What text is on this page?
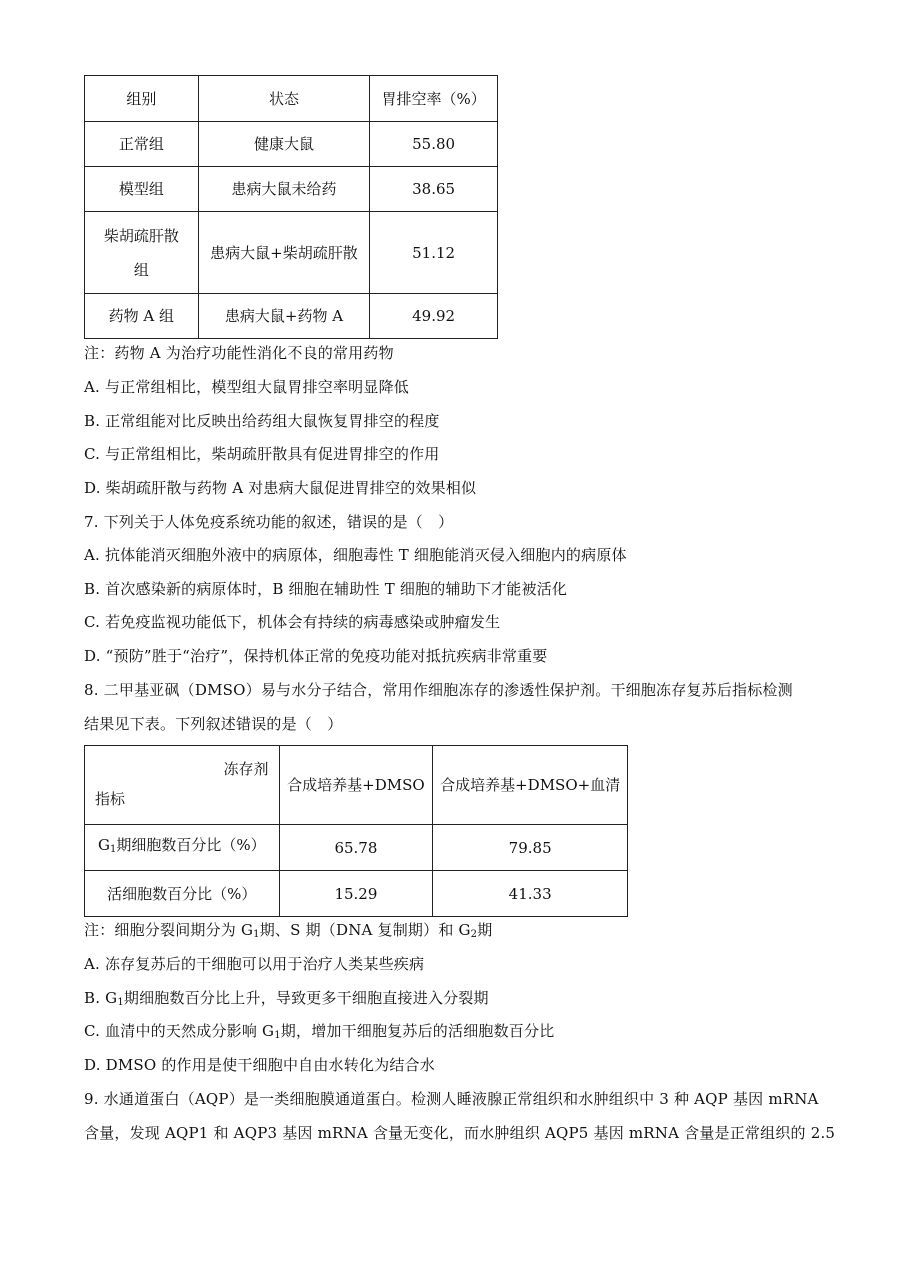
组别	状态	胃排空率（%）
正常组	健康大鼠	55.80
模型组	患病大鼠未给药	38.65

柴胡疏肝散
组	患病大鼠+柴胡疏肝散	51.12
药物 A 组	患病大鼠+药物 A	49.92
注：药物 A 为治疗功能性消化不良的常用药物
A. 与正常组相比，模型组大鼠胃排空率明显降低
B. 正常组能对比反映出给药组大鼠恢复胃排空的程度
C. 与正常组相比，柴胡疏肝散具有促进胃排空的作用
D. 柴胡疏肝散与药物 A 对患病大鼠促进胃排空的效果相似
7. 下列关于人体免疫系统功能的叙述，错误的是（　）
A. 抗体能消灭细胞外液中的病原体，细胞毒性 T 细胞能消灭侵入细胞内的病原体
B. 首次感染新的病原体时，B 细胞在辅助性 T 细胞的辅助下才能被活化
C. 若免疫监视功能低下，机体会有持续的病毒感染或肿瘤发生
D. “预防”胜于“治疗”，保持机体正常的免疫功能对抵抗疾病非常重要
8. 二甲基亚砜（DMSO）易与水分子结合，常用作细胞冻存的渗透性保护剂。干细胞冻存复苏后指标检测
结果见下表。下列叙述错误的是（　）
冻存剂
指标	合成培养基+DMSO	合成培养基+DMSO+血清
$G_1$期细胞数百分比（%）	65.78	79.85
活细胞数百分比（%）	15.29	41.33
注：细胞分裂间期分为 $G_1$期、S 期（DNA 复制期）和 $G_2$期
A. 冻存复苏后的干细胞可以用于治疗人类某些疾病
B. $G_1$期细胞数百分比上升，导致更多干细胞直接进入分裂期
C. 血清中的天然成分影响 $G_1$期，增加干细胞复苏后的活细胞数百分比
D. DMSO 的作用是使干细胞中自由水转化为结合水
9. 水通道蛋白（AQP）是一类细胞膜通道蛋白。检测人睡液腺正常组织和水肿组织中 3 种 AQP 基因 mRNA
含量，发现 AQP1 和 AQP3 基因 mRNA 含量无变化，而水肿组织 AQP5 基因 mRNA 含量是正常组织的 2.5
